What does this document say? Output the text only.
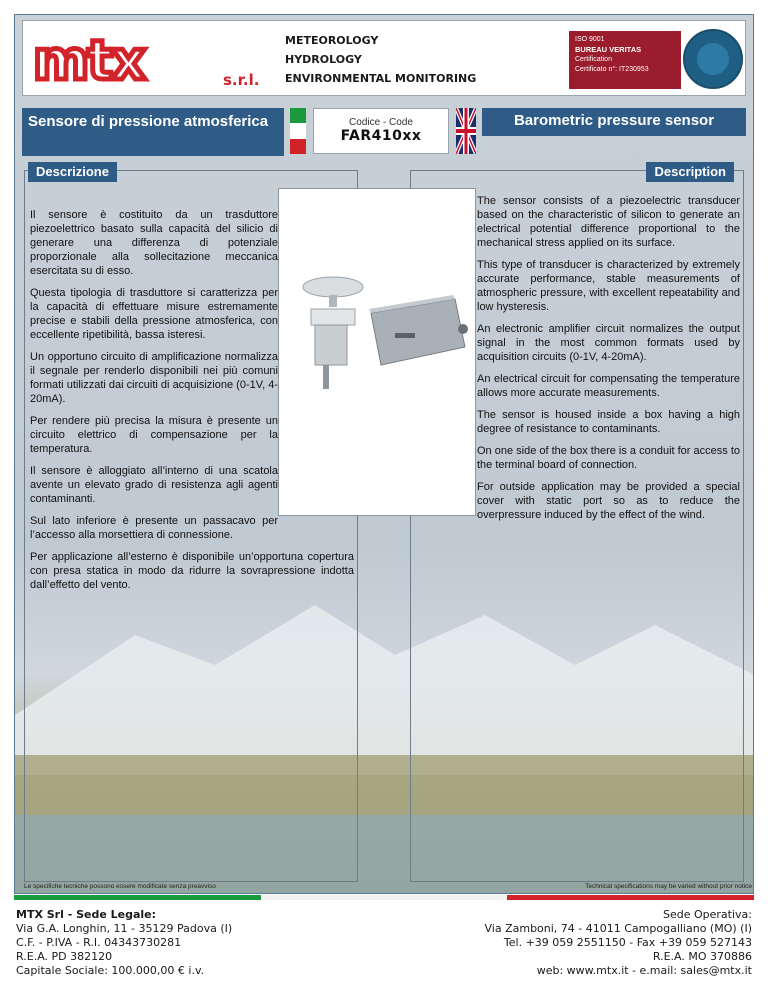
mtx	s.r.l.
METEOROLOGY
HYDROLOGY
ENVIRONMENTAL MONITORING
ISO 9001
BUREAU VERITAS
Certification
Certificato n°: IT230953
Sensore di pressione atmosferica	Codice - Code
FAR410xx
Barometric pressure sensor
Descrizione	Description

Il sensore è costituito da un trasduttore piezoelettrico basato sulla capacità del silicio di generare una differenza di potenziale proporzionale alla sollecitazione meccanica esercitata su di esso.

Questa tipologia di trasduttore si caratterizza per la capacità di effettuare misure estremamente precise e stabili della pressione atmosferica, con eccellente ripetibilità, bassa isteresi.

Un opportuno circuito di amplificazione normalizza il segnale per renderlo disponibili nei più comuni formati utilizzati dai circuiti di acquisizione (0-1V, 4-20mA).

Per rendere più precisa la misura è presente un circuito elettrico di compensazione per la temperatura.

Il sensore è alloggiato all’interno di una scatola avente un elevato grado di resistenza agli agenti contaminanti.

Sul lato inferiore è presente un passacavo per l’accesso alla morsettiera di connessione.

Per applicazione all’esterno è disponibile un’opportuna copertura con presa statica in modo da ridurre la sovrapressione indotta dall’effetto del vento.

The sensor consists of a piezoelectric transducer based on the characteristic of silicon to generate an electrical potential difference proportional to the mechanical stress applied on its surface.

This type of transducer is characterized by extremely accurate performance, stable measurements of atmospheric pressure, with excellent repeatability and low hysteresis.

An electronic amplifier circuit normalizes the output signal in the most common formats used by acquisition circuits (0-1V, 4-20mA).

An electrical circuit for compensating the temperature allows more accurate measurements.

The sensor is housed inside a box having a high degree of resistance to contaminants.

On one side of the box there is a conduit for access to the terminal board of connection.

For outside application may be provided a special cover with static port so as to reduce the overpressure induced by the effect of the wind.

Le specifiche tecniche possono essere modificate senza preavviso	Technical specifications may be varied without prior notice
MTX Srl - Sede Legale:
Via G.A. Longhin, 11 - 35129 Padova (I)
C.F. - P.IVA - R.I. 04343730281
R.E.A. PD 382120
Capitale Sociale: 100.000,00 € i.v.
Sede Operativa:
Via Zamboni, 74 - 41011 Campogalliano (MO) (I)
Tel. +39 059 2551150 - Fax +39 059 527143
R.E.A. MO 370886
web: www.mtx.it - e.mail: sales@mtx.it
